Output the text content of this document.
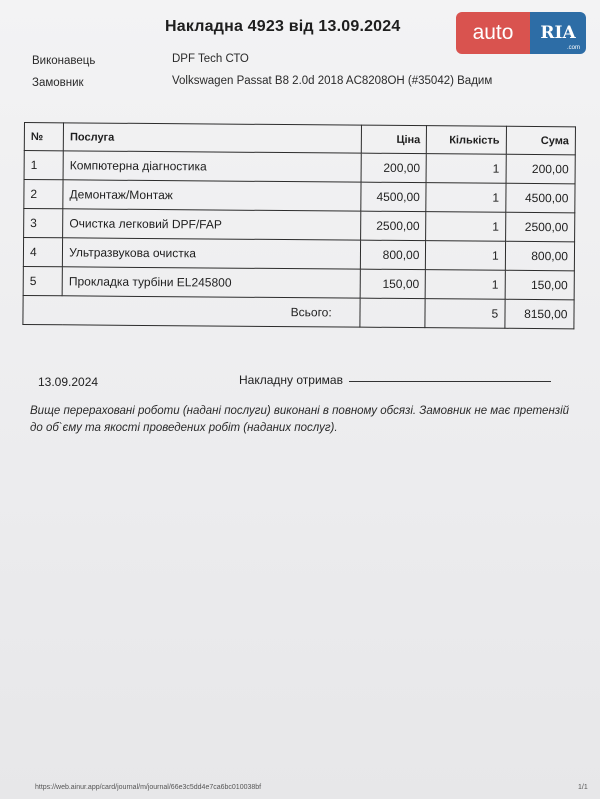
Накладна 4923 від 13.09.2024	auto	RIA
.com
Виконавець	DPF Tech СТО
Замовник	Volkswagen Passat B8 2.0d 2018 AC8208OH (#35042) Вадим
№	Послуга	Ціна	Кількість	Сума
1	Компютерна діагностика	200,00	1	200,00
2	Демонтаж/Монтаж	4500,00	1	4500,00
3	Очистка легковий DPF/FAP	2500,00	1	2500,00
4	Ультразвукова очистка	800,00	1	800,00
5	Прокладка турбіни EL245800	150,00	1	150,00
Всього:			5	8150,00
13.09.2024	Накладну отримав
Вище перераховані роботи (надані послуги) виконані в повному обсязі. Замовник не має претензій до об`єму та якості проведених робіт (наданих послуг).
https://web.ainur.app/card/journal/m/journal/66e3c5dd4e7ca6bc010038bf	1/1
